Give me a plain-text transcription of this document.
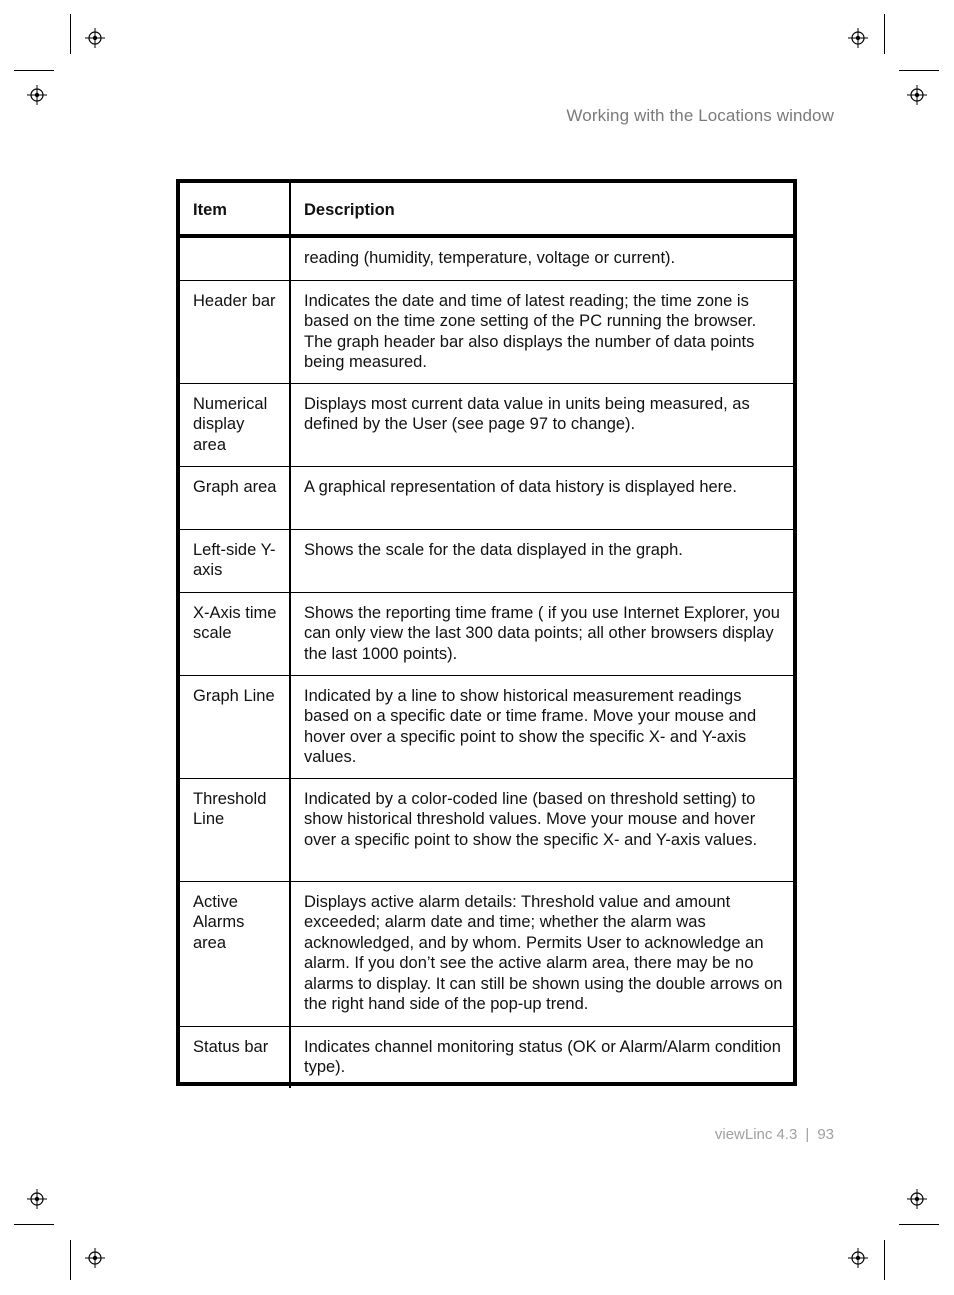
Working with the Locations window
Item	Description
	reading (humidity, temperature, voltage or current).
Header bar	Indicates the date and time of latest reading; the time zone is based on the time zone setting of the PC running the browser. The graph header bar also displays the number of data points being measured.
Numerical display area	Displays most current data value in units being measured, as defined by the User (see page 97 to change).
Graph area	A graphical representation of data history is displayed here.
Left-side Y-axis	Shows the scale for the data displayed in the graph.
X-Axis time scale	Shows the reporting time frame ( if you use Internet Explorer, you can only view the last 300 data points; all other browsers display the last 1000 points).
Graph Line	Indicated by a line to show historical measurement readings based on a specific date or time frame. Move your mouse and hover over a specific point to show the specific X- and Y-axis values.
Threshold Line	Indicated by a color-coded line (based on threshold setting) to show historical threshold values. Move your mouse and hover over a specific point to show the specific X- and Y-axis values.
Active Alarms area	Displays active alarm details: Threshold value and amount exceeded; alarm date and time; whether the alarm was acknowledged, and by whom. Permits User to acknowledge an alarm. If you don’t see the active alarm area, there may be no alarms to display. It can still be shown using the double arrows on the right hand side of the pop-up trend.
Status bar	Indicates channel monitoring status (OK or Alarm/Alarm condition type).
viewLinc 4.3 | 93
